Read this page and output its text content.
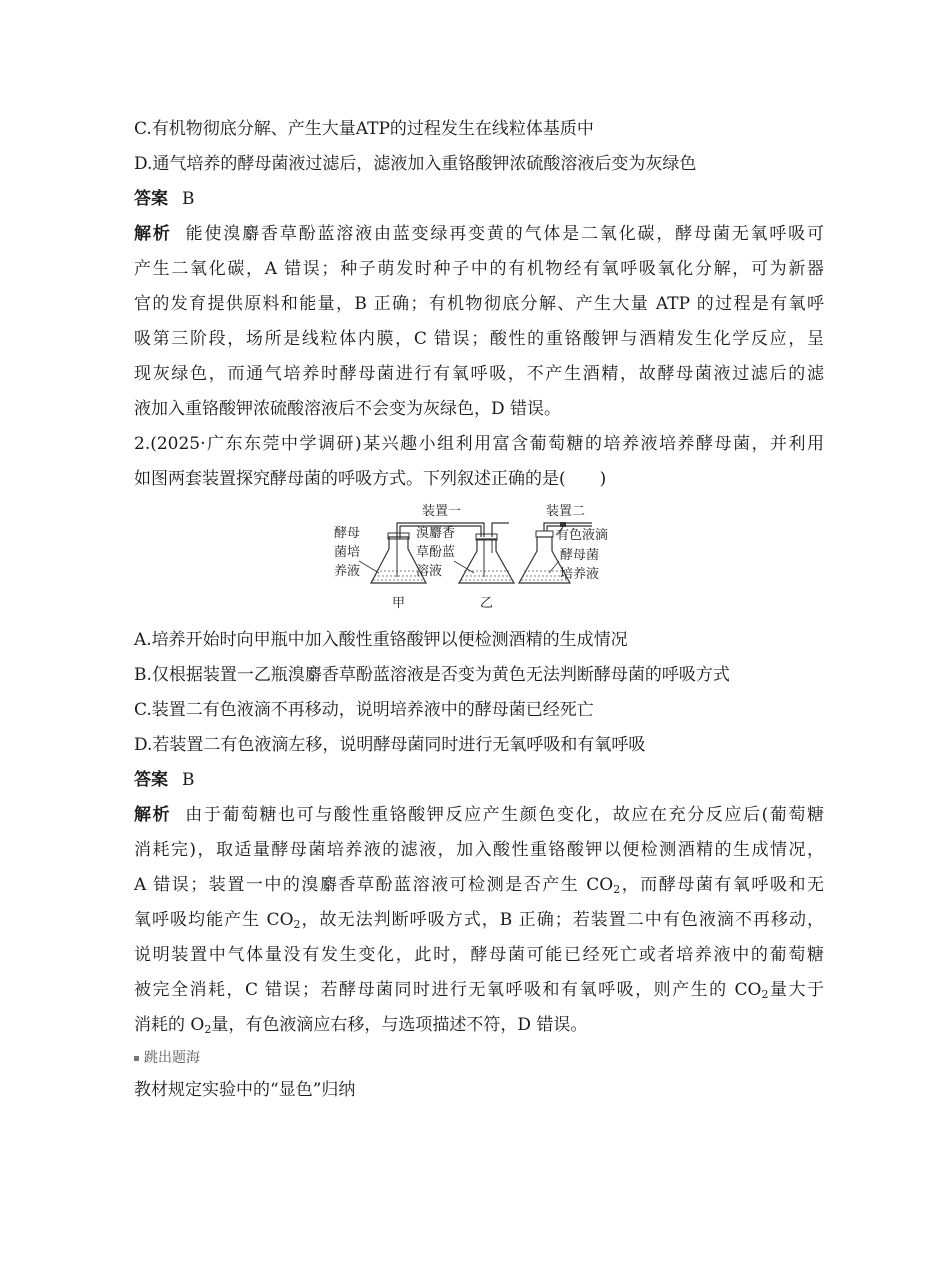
C.有机物彻底分解、产生大量ATP的过程发生在线粒体基质中
D.通气培养的酵母菌液过滤后，滤液加入重铬酸钾浓硫酸溶液后变为灰绿色
答案 B
解析 能使溴麝香草酚蓝溶液由蓝变绿再变黄的气体是二氧化碳，酵母菌无氧呼吸可
产生二氧化碳，A 错误；种子萌发时种子中的有机物经有氧呼吸氧化分解，可为新器
官的发育提供原料和能量，B 正确；有机物彻底分解、产生大量 ATP 的过程是有氧呼
吸第三阶段，场所是线粒体内膜，C 错误；酸性的重铬酸钾与酒精发生化学反应，呈
现灰绿色，而通气培养时酵母菌进行有氧呼吸，不产生酒精，故酵母菌液过滤后的滤
液加入重铬酸钾浓硫酸溶液后不会变为灰绿色，D 错误。
2.(2025·广东东莞中学调研)某兴趣小组利用富含葡萄糖的培养液培养酵母菌，并利用
如图两套装置探究酵母菌的呼吸方式。下列叙述正确的是(　　)
装置一	装置二
酵母
菌培
养液
溴麝香
草酚蓝
溶液
有色液滴
酵母菌
培养液
甲	乙
A.培养开始时向甲瓶中加入酸性重铬酸钾以便检测酒精的生成情况
B.仅根据装置一乙瓶溴麝香草酚蓝溶液是否变为黄色无法判断酵母菌的呼吸方式
C.装置二有色液滴不再移动，说明培养液中的酵母菌已经死亡
D.若装置二有色液滴左移，说明酵母菌同时进行无氧呼吸和有氧呼吸
答案 B
解析 由于葡萄糖也可与酸性重铬酸钾反应产生颜色变化，故应在充分反应后(葡萄糖
消耗完)，取适量酵母菌培养液的滤液，加入酸性重铬酸钾以便检测酒精的生成情况，
A 错误；装置一中的溴麝香草酚蓝溶液可检测是否产生 $CO_2$，而酵母菌有氧呼吸和无
氧呼吸均能产生 $CO_2$，故无法判断呼吸方式，B 正确；若装置二中有色液滴不再移动，
说明装置中气体量没有发生变化，此时，酵母菌可能已经死亡或者培养液中的葡萄糖
被完全消耗，C 错误；若酵母菌同时进行无氧呼吸和有氧呼吸，则产生的 $CO_2$量大于
消耗的 $O_2$量，有色液滴应右移，与选项描述不符，D 错误。
跳出题海
教材规定实验中的“显色”归纳
